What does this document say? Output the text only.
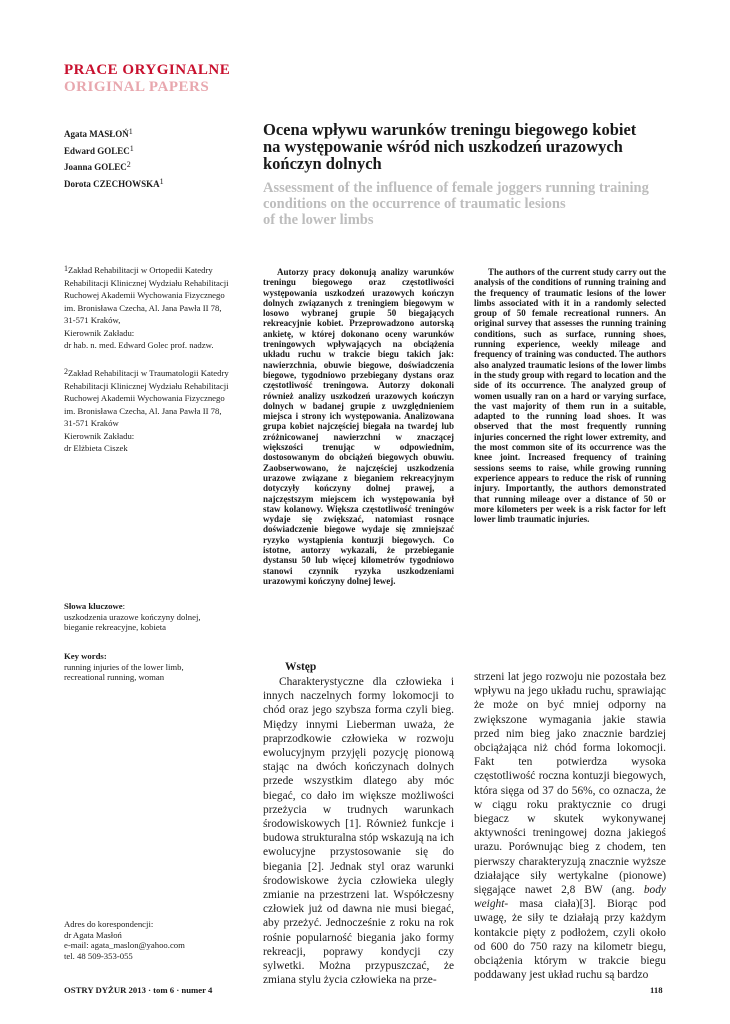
PRACE ORYGINALNE
ORIGINAL PAPERS
Agata MASŁOŃ$^1$
Edward GOLEC$^1$
Joanna GOLEC$^2$
Dorota CZECHOWSKA$^1$
Ocena wpływu warunków treningu biegowego kobiet
na występowanie wśród nich uszkodzeń urazowych
kończyn dolnych
Assessment of the influence of female joggers running training
conditions on the occurrence of traumatic lesions
of the lower limbs
$^1$Zakład Rehabilitacji w Ortopedii Katedry
Rehabilitacji Klinicznej Wydziału Rehabilitacji
Ruchowej Akademii Wychowania Fizycznego
im. Bronisława Czecha, Al. Jana Pawła II 78,
31-571 Kraków,
Kierownik Zakładu:
dr hab. n. med. Edward Golec prof. nadzw.
$^2$Zakład Rehabilitacji w Traumatologii Katedry
Rehabilitacji Klinicznej Wydziału Rehabilitacji
Ruchowej Akademii Wychowania Fizycznego
im. Bronisława Czecha, Al. Jana Pawła II 78,
31-571 Kraków
Kierownik Zakładu:
dr Elżbieta Ciszek
Słowa kluczowe:
uszkodzenia urazowe kończyny dolnej,
bieganie rekreacyjne, kobieta
Key words:
running injuries of the lower limb,
recreational running, woman

Autorzy pracy dokonują analizy warunków treningu biegowego oraz częstotliwości występowania uszkodzeń urazowych kończyn dolnych związanych z treningiem biegowym w losowo wybranej grupie 50 biegających rekreacyjnie kobiet. Przeprowadzono autorską ankietę, w której dokonano oceny warunków treningowych wpływających na obciążenia układu ruchu w trakcie biegu takich jak: nawierzchnia, obuwie biegowe, doświadczenia biegowe, tygodniowo przebiegany dystans oraz częstotliwość treningowa. Autorzy dokonali również analizy uszkodzeń urazowych kończyn dolnych w badanej grupie z uwzględnieniem miejsca i strony ich występowania. Analizowana grupa kobiet najczęściej biegała na twardej lub zróżnicowanej nawierzchni w znaczącej większości trenując w odpowiednim, dostosowanym do obciążeń biegowych obuwiu. Zaobserwowano, że najczęściej uszkodzenia urazowe związane z bieganiem rekreacyjnym dotyczyły kończyny dolnej prawej, a najczęstszym miejscem ich występowania był staw kolanowy. Większa częstotliwość treningów wydaje się zwiększać, natomiast rosnące doświadczenie biegowe wydaje się zmniejszać ryzyko wystąpienia kontuzji biegowych. Co istotne, autorzy wykazali, że przebieganie dystansu 50 lub więcej kilometrów tygodniowo stanowi czynnik ryzyka uszkodzeniami urazowymi kończyny dolnej lewej.

The authors of the current study carry out the analysis of the conditions of running training and the frequency of traumatic lesions of the lower limbs associated with it in a randomly selected group of 50 female recreational runners. An original survey that assesses the running training conditions, such as surface, running shoes, running experience, weekly mileage and frequency of training was conducted. The authors also analyzed traumatic lesions of the lower limbs in the study group with regard to location and the side of its occurrence. The analyzed group of women usually ran on a hard or varying surface, the vast majority of them run in a suitable, adapted to the running load shoes. It was observed that the most frequently running injuries concerned the right lower extremity, and the most common site of its occurrence was the knee joint. Increased frequency of training sessions seems to raise, while growing running experience appears to reduce the risk of running injury. Importantly, the authors demonstrated that running mileage over a distance of 50 or more kilometers per week is a risk factor for left lower limb traumatic injuries.

Wstęp

Charakterystyczne dla człowieka i innych naczelnych formy lokomocji to chód oraz jego szybsza forma czyli bieg. Między innymi Lieberman uważa, że praprzodkowie człowieka w rozwoju ewolucyjnym przyjęli pozycję pionową stając na dwóch kończynach dolnych przede wszystkim dlatego aby móc biegać, co dało im większe możliwości przeżycia w trudnych warunkach środowiskowych [1]. Również funkcje i budowa strukturalna stóp wskazują na ich ewolucyjne przystosowanie się do biegania [2]. Jednak styl oraz warunki środowiskowe życia człowieka uległy zmianie na przestrzeni lat. Współczesny człowiek już od dawna nie musi biegać, aby przeżyć. Jednocześnie z roku na rok rośnie popularność biegania jako formy rekreacji, poprawy kondycji czy sylwetki. Można przypuszczać, że zmiana stylu życia człowieka na prze-

strzeni lat jego rozwoju nie pozostała bez wpływu na jego układu ruchu, sprawiając że może on być mniej odporny na zwiększone wymagania jakie stawia przed nim bieg jako znacznie bardziej obciążająca niż chód forma lokomocji. Fakt ten potwierdza wysoka częstotliwość roczna kontuzji biegowych, która sięga od 37 do 56%, co oznacza, że w ciągu roku praktycznie co drugi biegacz w skutek wykonywanej aktywności treningowej dozna jakiegoś urazu. Porównując bieg z chodem, ten pierwszy charakteryzują znacznie wyższe działające siły wertykalne (pionowe) sięgające nawet 2,8 BW (ang. body weight- masa ciała)[3]. Biorąc pod uwagę, że siły te działają przy każdym kontakcie pięty z podłożem, czyli około od 600 do 750 razy na kilometr biegu, obciążenia którym w trakcie biegu poddawany jest układ ruchu są bardzo

Adres do korespondencji:
dr Agata Masłoń
e-mail: agata_maslon@yahoo.com
tel. 48 509-353-055
OSTRY DYŻUR 2013 · tom 6 · numer 4	118
